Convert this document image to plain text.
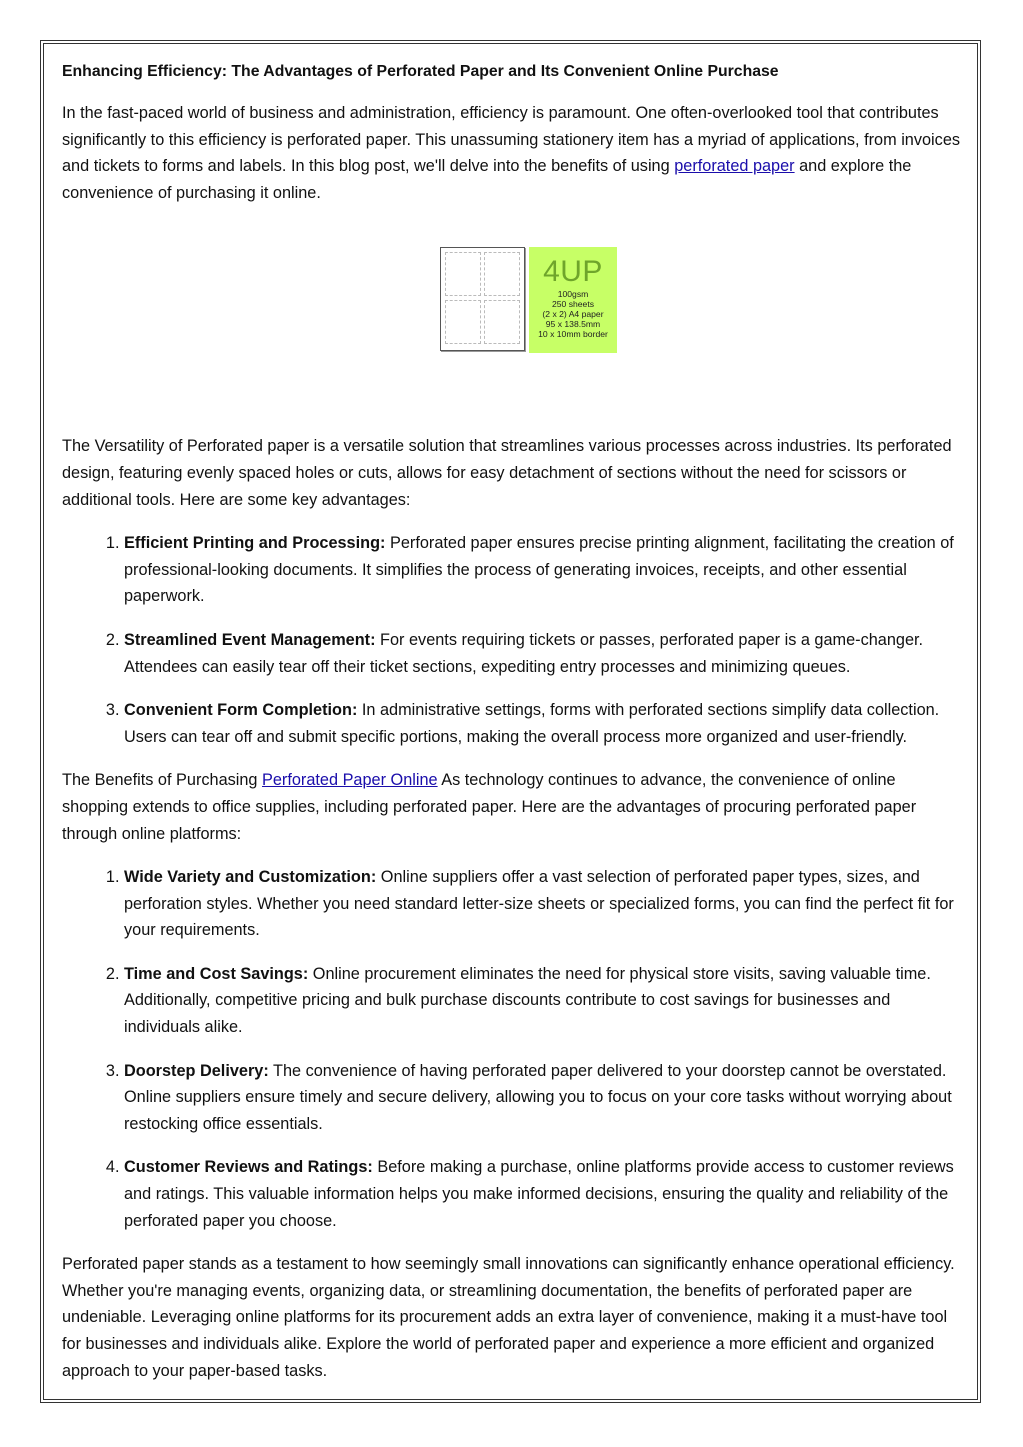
Enhancing Efficiency: The Advantages of Perforated Paper and Its Convenient Online Purchase

In the fast-paced world of business and administration, efficiency is paramount. One often-overlooked tool that contributes significantly to this efficiency is perforated paper. This unassuming stationery item has a myriad of applications, from invoices and tickets to forms and labels. In this blog post, we'll delve into the benefits of using perforated paper and explore the convenience of purchasing it online.

4UP
100gsm
250 sheets
(2 x 2) A4 paper
95 x 138.5mm
10 x 10mm border

The Versatility of Perforated paper is a versatile solution that streamlines various processes across industries. Its perforated design, featuring evenly spaced holes or cuts, allows for easy detachment of sections without the need for scissors or additional tools. Here are some key advantages:

1. Efficient Printing and Processing: Perforated paper ensures precise printing alignment, facilitating the creation of professional-looking documents. It simplifies the process of generating invoices, receipts, and other essential paperwork.
2. Streamlined Event Management: For events requiring tickets or passes, perforated paper is a game-changer. Attendees can easily tear off their ticket sections, expediting entry processes and minimizing queues.
3. Convenient Form Completion: In administrative settings, forms with perforated sections simplify data collection. Users can tear off and submit specific portions, making the overall process more organized and user-friendly.

The Benefits of Purchasing Perforated Paper Online As technology continues to advance, the convenience of online shopping extends to office supplies, including perforated paper. Here are the advantages of procuring perforated paper through online platforms:

1. Wide Variety and Customization: Online suppliers offer a vast selection of perforated paper types, sizes, and perforation styles. Whether you need standard letter-size sheets or specialized forms, you can find the perfect fit for your requirements.
2. Time and Cost Savings: Online procurement eliminates the need for physical store visits, saving valuable time. Additionally, competitive pricing and bulk purchase discounts contribute to cost savings for businesses and individuals alike.
3. Doorstep Delivery: The convenience of having perforated paper delivered to your doorstep cannot be overstated. Online suppliers ensure timely and secure delivery, allowing you to focus on your core tasks without worrying about restocking office essentials.
4. Customer Reviews and Ratings: Before making a purchase, online platforms provide access to customer reviews and ratings. This valuable information helps you make informed decisions, ensuring the quality and reliability of the perforated paper you choose.

Perforated paper stands as a testament to how seemingly small innovations can significantly enhance operational efficiency. Whether you're managing events, organizing data, or streamlining documentation, the benefits of perforated paper are undeniable. Leveraging online platforms for its procurement adds an extra layer of convenience, making it a must-have tool for businesses and individuals alike. Explore the world of perforated paper and experience a more efficient and organized approach to your paper-based tasks.
